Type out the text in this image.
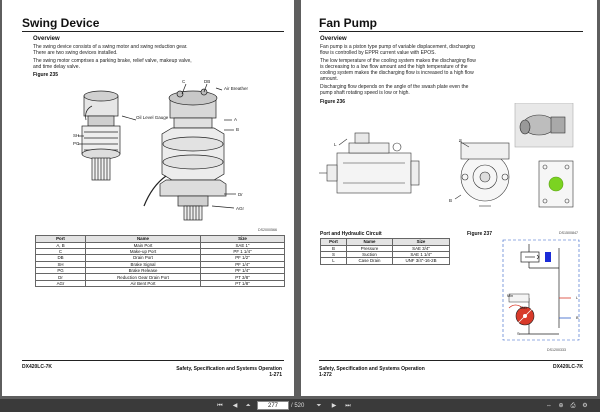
Swing Device
Overview
The swing device consists of a swing motor and swing reduction gear. There are two swing devices installed.
The swing motor comprises a parking brake, relief valve, makeup valve, and time delay valve.
Figure 235
C	DB
Air Breather
A
B
Oil Level Gauge
SH
PG
Dr
AGr
DS2000566
Port	Name	Size
A, B	Main Port	SAE 1"
C	Make-up Port	PF 1 1/4"
DB	Drain Port	PF 1/2"
SH	Brake Signal	PF 1/4"
PG	Brake Release	PF 1/4"
Dr	Reduction Gear Drain Port	PT 3/8"
AGr	Air Bent Port	PT 1/8"
DX420LC-7K	Safety, Specification and Systems Operation
1-271
Fan Pump
Overview
Fan pump is a piston type pump of variable displacement, discharging flow is controlled by EPPR current value with EPOS.
The low temperature of the cooling system makes the discharging flow is decreasing to a low flow amount and the high temperature of the cooling system makes the discharging flow is increased to a high flow amount.
Discharging flow depends on the angle of the swash plate even the pump shaft rotating speed is low or high.
Figure 236
L
S
B
DS1500847
Port and Hydraulic Circuit	Figure 237
Port	Name	Size
B	Pressure	SAE 3/4"
S	Suction	SAE 1 1/4"
L	Case Drain	UNF 3/4"-16-2B
Min
Max
L
S
B
DS1200333
Safety, Specification and Systems Operation
1-272
DX420LC-7K
⏮	◀	⏶	277	/ 520	⏷	▶	⏭	⇔	⊕	⎙	⚙
